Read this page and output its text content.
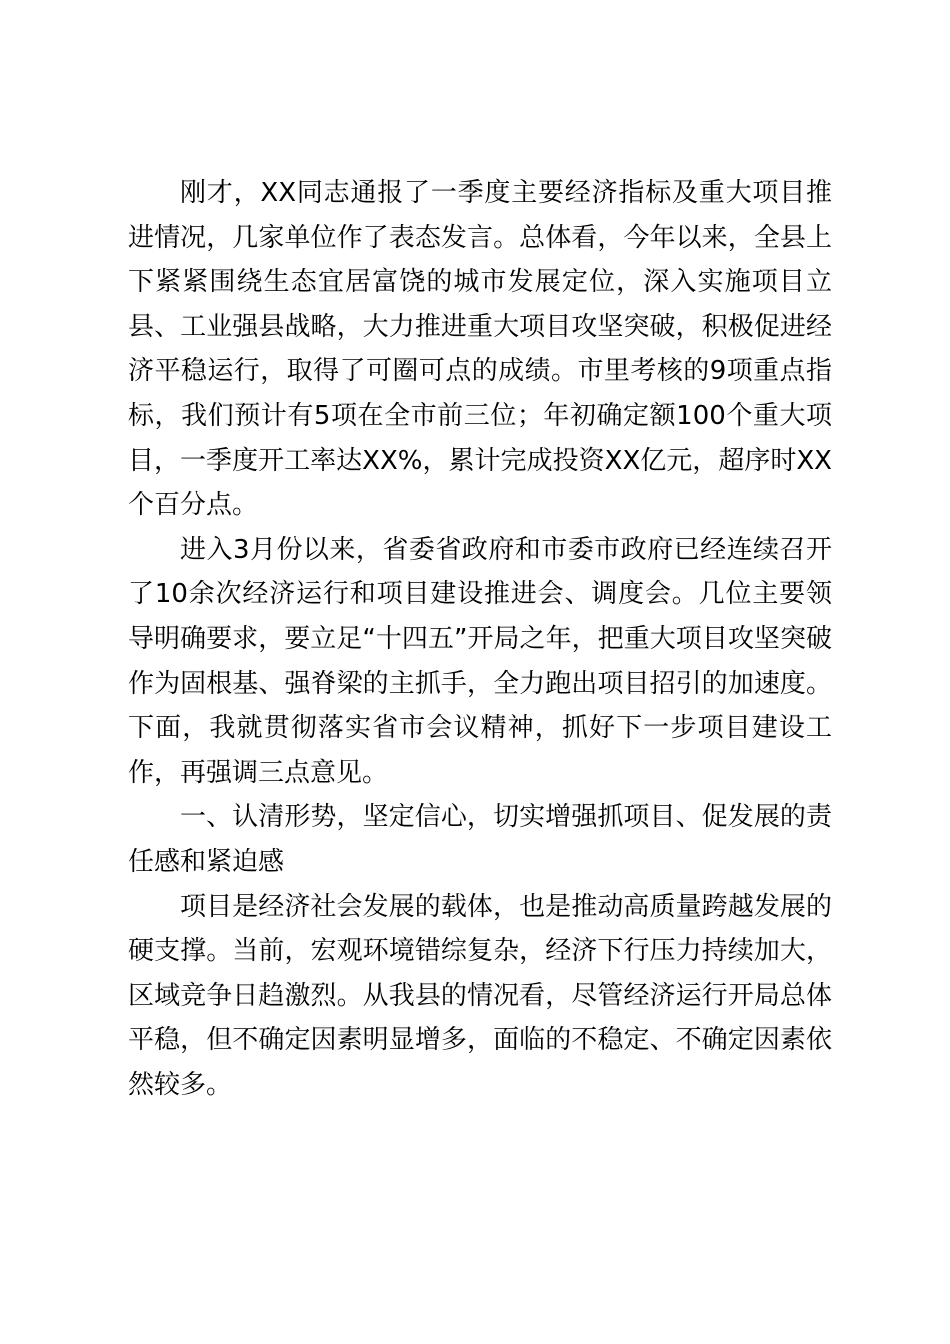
刚才，XX同志通报了一季度主要经济指标及重大项目推进情况，几家单位作了表态发言。总体看，今年以来，全县上下紧紧围绕生态宜居富饶的城市发展定位，深入实施项目立县、工业强县战略，大力推进重大项目攻坚突破，积极促进经济平稳运行，取得了可圈可点的成绩。市里考核的9项重点指标，我们预计有5项在全市前三位；年初确定额100个重大项目，一季度开工率达XX%，累计完成投资XX亿元，超序时XX个百分点。

进入3月份以来，省委省政府和市委市政府已经连续召开了10余次经济运行和项目建设推进会、调度会。几位主要领导明确要求，要立足“十四五”开局之年，把重大项目攻坚突破作为固根基、强脊梁的主抓手，全力跑出项目招引的加速度。下面，我就贯彻落实省市会议精神，抓好下一步项目建设工作，再强调三点意见。

一、认清形势，坚定信心，切实增强抓项目、促发展的责任感和紧迫感

项目是经济社会发展的载体，也是推动高质量跨越发展的硬支撑。当前，宏观环境错综复杂，经济下行压力持续加大，区域竞争日趋激烈。从我县的情况看，尽管经济运行开局总体平稳，但不确定因素明显增多，面临的不稳定、不确定因素依然较多。
